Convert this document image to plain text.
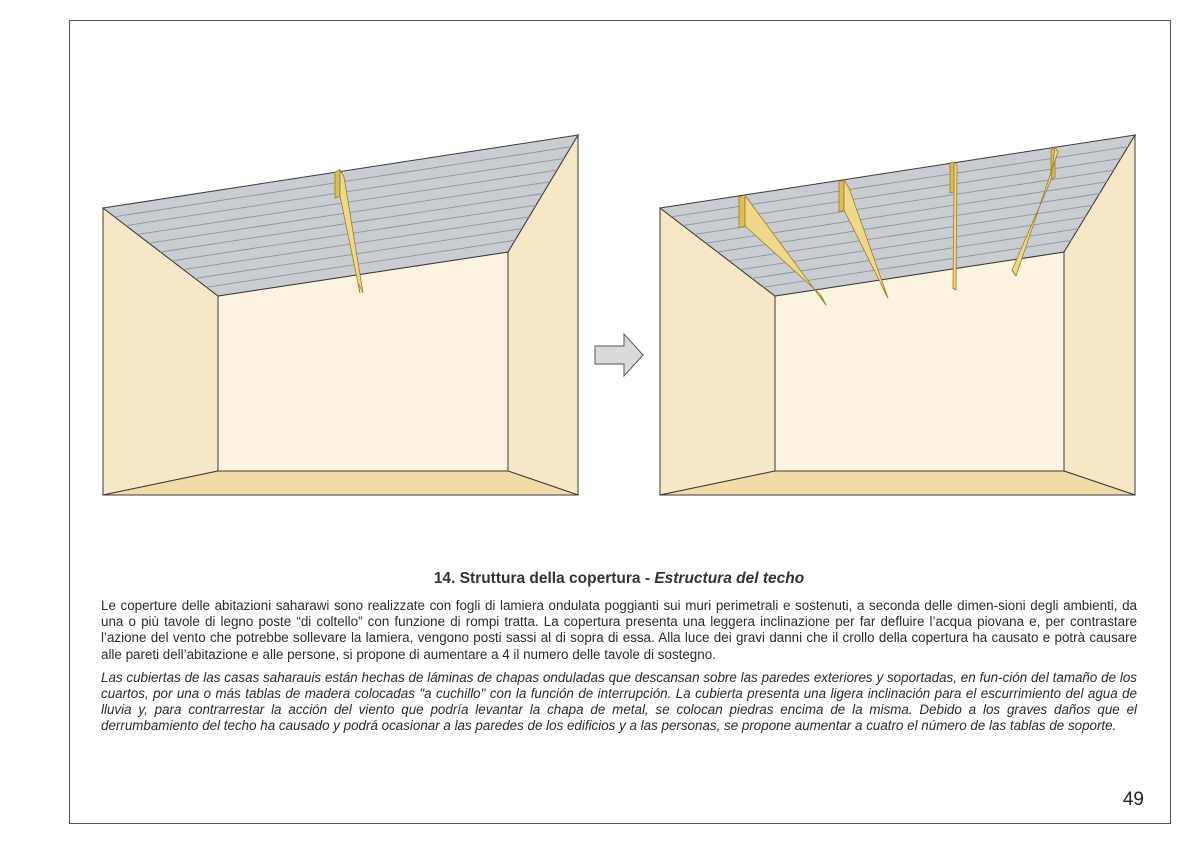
14. Struttura della copertura - Estructura del techo

Le coperture delle abitazioni saharawi sono realizzate con fogli di lamiera ondulata poggianti sui muri perimetrali e sostenuti, a seconda delle dimen-sioni degli ambienti, da una o più tavole di legno poste “di coltello” con funzione di rompi tratta. La copertura presenta una leggera inclinazione per far defluire l’acqua piovana e, per contrastare l’azione del vento che potrebbe sollevare la lamiera, vengono posti sassi al di sopra di essa. Alla luce dei gravi danni che il crollo della copertura ha causato e potrà causare alle pareti dell’abitazione e alle persone, si propone di aumentare a 4 il numero delle tavole di sostegno.

Las cubiertas de las casas saharauis están hechas de láminas de chapas onduladas que descansan sobre las paredes exteriores y soportadas, en fun-ción del tamaño de los cuartos, por una o más tablas de madera colocadas "a cuchillo" con la función de interrupción. La cubierta presenta una ligera inclinación para el escurrimiento del agua de lluvia y, para contrarrestar la acción del viento que podría levantar la chapa de metal, se colocan piedras encima de la misma. Debido a los graves daños que el derrumbamiento del techo ha causado y podrá ocasionar a las paredes de los edificios y a las personas, se propone aumentar a cuatro el número de las tablas de soporte.

49
